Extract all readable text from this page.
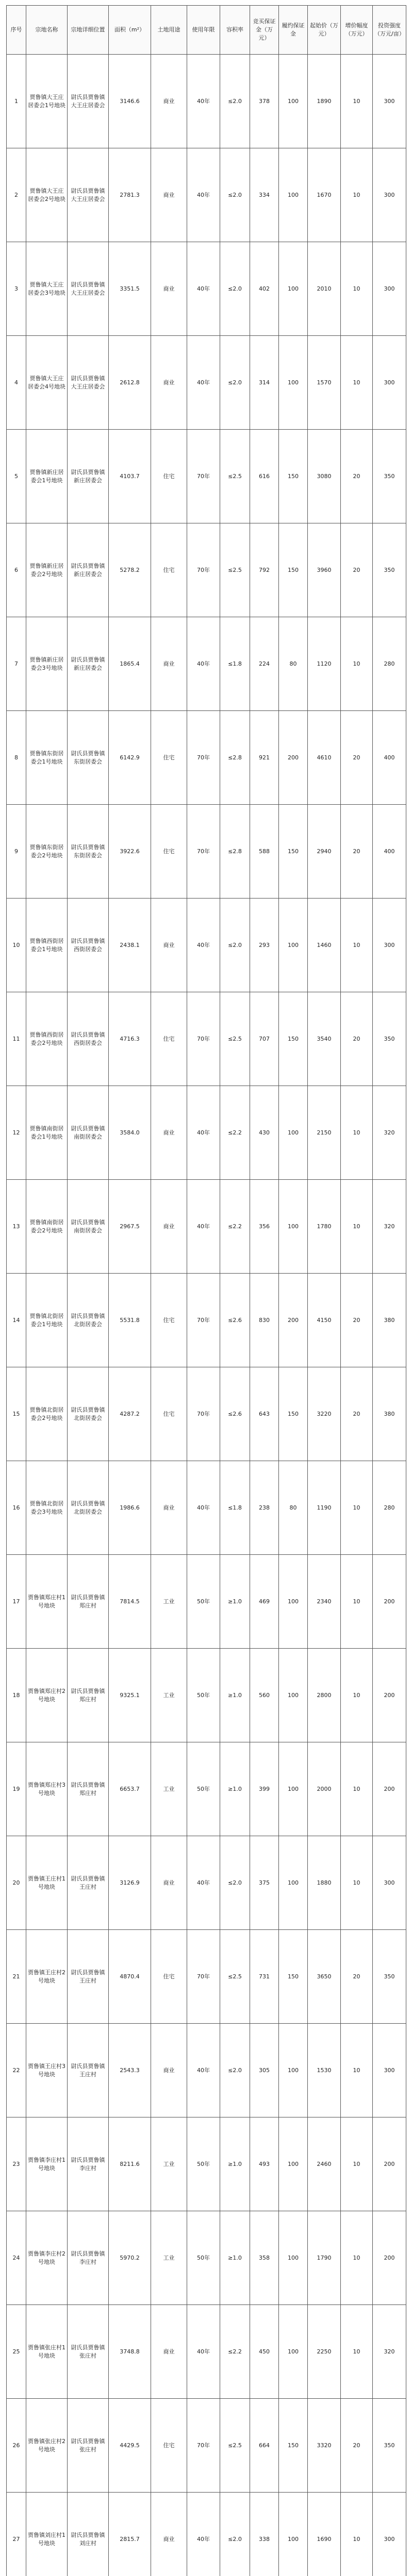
序号	宗地名称	宗地详细位置	面积（m²）	土地用途	使用年限	容积率	竞买保证金（万元）	履约保证金	起始价（万元）	增价幅度（万元）	投资强度（万元/亩）
1	贾鲁镇大王庄居委会1号地块	尉氏县贾鲁镇大王庄居委会	3146.6	商业	40年	≤2.0	378	100	1890	10	300
2	贾鲁镇大王庄居委会2号地块	尉氏县贾鲁镇大王庄居委会	2781.3	商业	40年	≤2.0	334	100	1670	10	300
3	贾鲁镇大王庄居委会3号地块	尉氏县贾鲁镇大王庄居委会	3351.5	商业	40年	≤2.0	402	100	2010	10	300
4	贾鲁镇大王庄居委会4号地块	尉氏县贾鲁镇大王庄居委会	2612.8	商业	40年	≤2.0	314	100	1570	10	300
5	贾鲁镇新庄居委会1号地块	尉氏县贾鲁镇新庄居委会	4103.7	住宅	70年	≤2.5	616	150	3080	20	350
6	贾鲁镇新庄居委会2号地块	尉氏县贾鲁镇新庄居委会	5278.2	住宅	70年	≤2.5	792	150	3960	20	350
7	贾鲁镇新庄居委会3号地块	尉氏县贾鲁镇新庄居委会	1865.4	商业	40年	≤1.8	224	80	1120	10	280
8	贾鲁镇东街居委会1号地块	尉氏县贾鲁镇东街居委会	6142.9	住宅	70年	≤2.8	921	200	4610	20	400
9	贾鲁镇东街居委会2号地块	尉氏县贾鲁镇东街居委会	3922.6	住宅	70年	≤2.8	588	150	2940	20	400
10	贾鲁镇西街居委会1号地块	尉氏县贾鲁镇西街居委会	2438.1	商业	40年	≤2.0	293	100	1460	10	300
11	贾鲁镇西街居委会2号地块	尉氏县贾鲁镇西街居委会	4716.3	住宅	70年	≤2.5	707	150	3540	20	350
12	贾鲁镇南街居委会1号地块	尉氏县贾鲁镇南街居委会	3584.0	商业	40年	≤2.2	430	100	2150	10	320
13	贾鲁镇南街居委会2号地块	尉氏县贾鲁镇南街居委会	2967.5	商业	40年	≤2.2	356	100	1780	10	320
14	贾鲁镇北街居委会1号地块	尉氏县贾鲁镇北街居委会	5531.8	住宅	70年	≤2.6	830	200	4150	20	380
15	贾鲁镇北街居委会2号地块	尉氏县贾鲁镇北街居委会	4287.2	住宅	70年	≤2.6	643	150	3220	20	380
16	贾鲁镇北街居委会3号地块	尉氏县贾鲁镇北街居委会	1986.6	商业	40年	≤1.8	238	80	1190	10	280
17	贾鲁镇郑庄村1号地块	尉氏县贾鲁镇郑庄村	7814.5	工业	50年	≥1.0	469	100	2340	10	200
18	贾鲁镇郑庄村2号地块	尉氏县贾鲁镇郑庄村	9325.1	工业	50年	≥1.0	560	100	2800	10	200
19	贾鲁镇郑庄村3号地块	尉氏县贾鲁镇郑庄村	6653.7	工业	50年	≥1.0	399	100	2000	10	200
20	贾鲁镇王庄村1号地块	尉氏县贾鲁镇王庄村	3126.9	商业	40年	≤2.0	375	100	1880	10	300
21	贾鲁镇王庄村2号地块	尉氏县贾鲁镇王庄村	4870.4	住宅	70年	≤2.5	731	150	3650	20	350
22	贾鲁镇王庄村3号地块	尉氏县贾鲁镇王庄村	2543.3	商业	40年	≤2.0	305	100	1530	10	300
23	贾鲁镇李庄村1号地块	尉氏县贾鲁镇李庄村	8211.6	工业	50年	≥1.0	493	100	2460	10	200
24	贾鲁镇李庄村2号地块	尉氏县贾鲁镇李庄村	5970.2	工业	50年	≥1.0	358	100	1790	10	200
25	贾鲁镇张庄村1号地块	尉氏县贾鲁镇张庄村	3748.8	商业	40年	≤2.2	450	100	2250	10	320
26	贾鲁镇张庄村2号地块	尉氏县贾鲁镇张庄村	4429.5	住宅	70年	≤2.5	664	150	3320	20	350
27	贾鲁镇刘庄村1号地块	尉氏县贾鲁镇刘庄村	2815.7	商业	40年	≤2.0	338	100	1690	10	300
